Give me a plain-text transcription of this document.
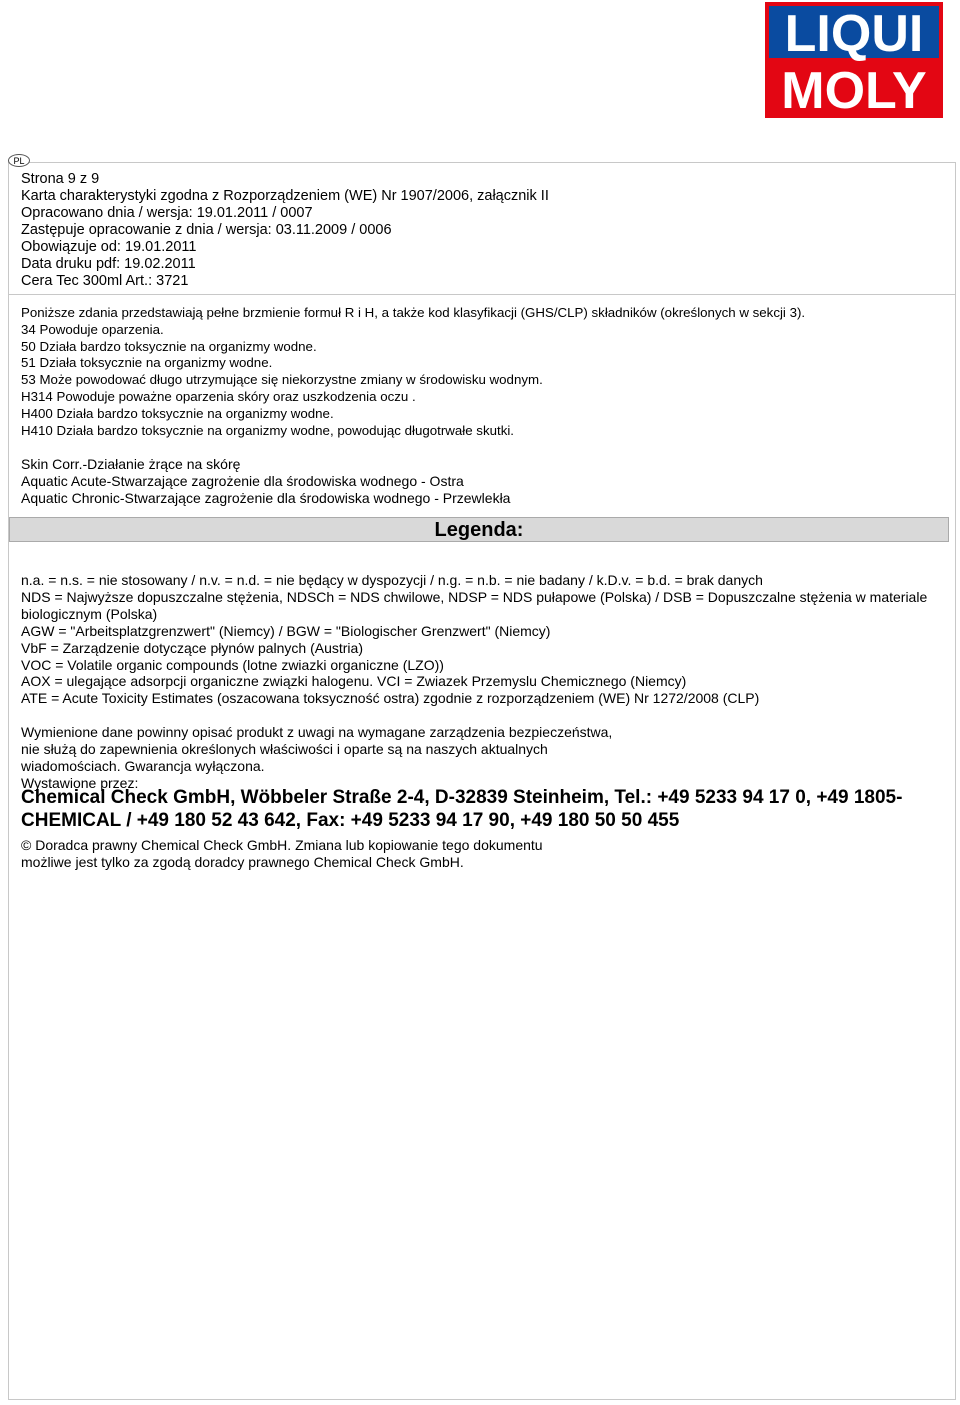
LIQUI
MOLY
PL
Strona 9 z 9
Karta charakterystyki zgodna z Rozporządzeniem (WE) Nr 1907/2006, załącznik II
Opracowano dnia / wersja: 19.01.2011 / 0007
Zastępuje opracowanie z dnia / wersja: 03.11.2009 / 0006
Obowiązuje od: 19.01.2011
Data druku pdf: 19.02.2011
Cera Tec 300ml Art.: 3721
Poniższe zdania przedstawiają pełne brzmienie formuł R i H, a także kod klasyfikacji (GHS/CLP) składników (określonych w sekcji 3).
34 Powoduje oparzenia.
50 Działa bardzo toksycznie na organizmy wodne.
51 Działa toksycznie na organizmy wodne.
53 Może powodować długo utrzymujące się niekorzystne zmiany w środowisku wodnym.
H314 Powoduje poważne oparzenia skóry oraz uszkodzenia oczu .
H400 Działa bardzo toksycznie na organizmy wodne.
H410 Działa bardzo toksycznie na organizmy wodne, powodując długotrwałe skutki.
Skin Corr.-Działanie żrące na skórę
Aquatic Acute-Stwarzające zagrożenie dla środowiska wodnego - Ostra
Aquatic Chronic-Stwarzające zagrożenie dla środowiska wodnego - Przewlekła
Legenda:
n.a. = n.s. = nie stosowany / n.v. = n.d. = nie będący w dyspozycji / n.g. = n.b. = nie badany / k.D.v. = b.d. = brak danych
NDS = Najwyższe dopuszczalne stężenia, NDSCh = NDS chwilowe, NDSP = NDS pułapowe (Polska) / DSB = Dopuszczalne stężenia w materiale biologicznym (Polska)
AGW = "Arbeitsplatzgrenzwert" (Niemcy) / BGW = "Biologischer Grenzwert" (Niemcy)
VbF = Zarządzenie dotyczące płynów palnych (Austria)
VOC = Volatile organic compounds (lotne zwiazki organiczne (LZO))
AOX = ulegające adsorpcji organiczne związki halogenu. VCI = Zwiazek Przemyslu Chemicznego (Niemcy)
ATE = Acute Toxicity Estimates (oszacowana toksyczność ostra) zgodnie z rozporządzeniem (WE) Nr 1272/2008 (CLP)
Wymienione dane powinny opisać produkt z uwagi na wymagane zarządzenia bezpieczeństwa,
nie służą do zapewnienia określonych właściwości i oparte są na naszych aktualnych
wiadomościach. Gwarancja wyłączona.
Wystawione przez:
Chemical Check GmbH, Wöbbeler Straße 2-4, D-32839 Steinheim, Tel.: +49 5233 94 17 0, +49 1805-CHEMICAL / +49 180 52 43 642, Fax: +49 5233 94 17 90, +49 180 50 50 455
© Doradca prawny Chemical Check GmbH. Zmiana lub kopiowanie tego dokumentu
możliwe jest tylko za zgodą doradcy prawnego Chemical Check GmbH.
